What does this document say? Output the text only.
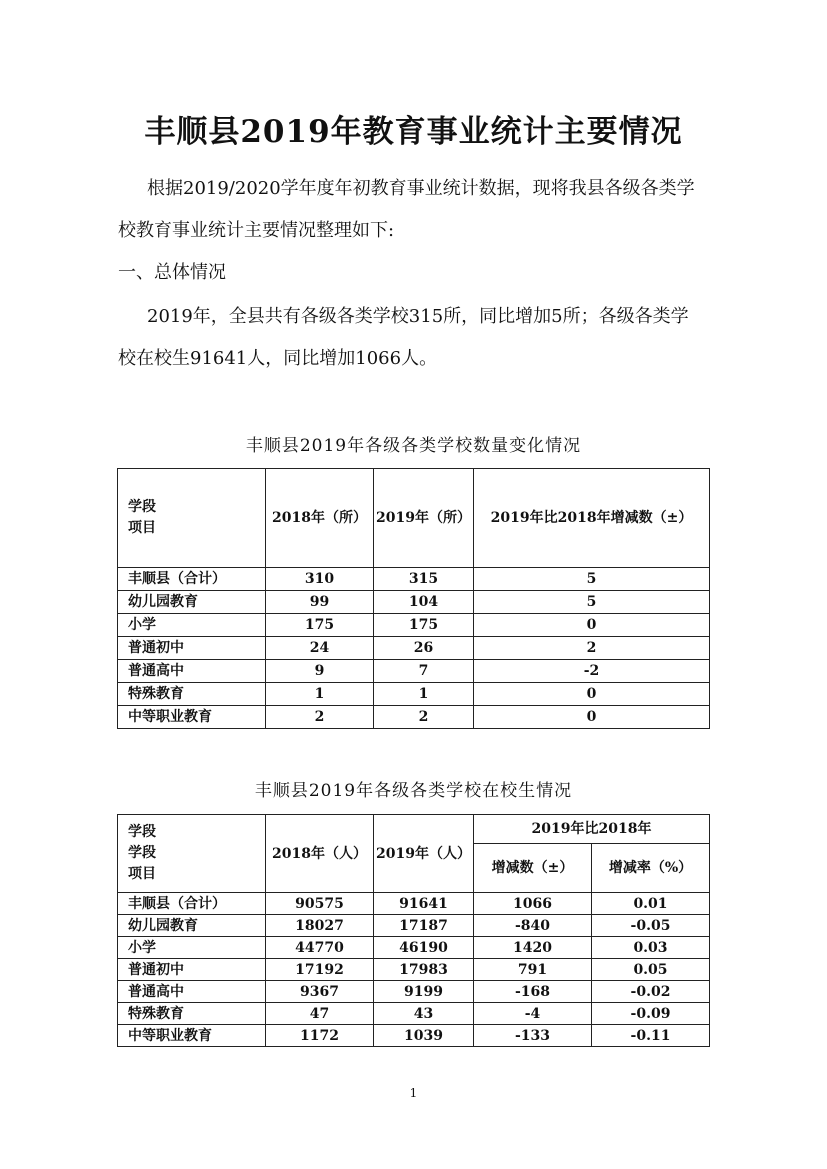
丰顺县2019年教育事业统计主要情况
根据2019/2020学年度年初教育事业统计数据，现将我县各级各类学
校教育事业统计主要情况整理如下:
一、总体情况
2019年，全县共有各级各类学校315所，同比增加5所；各级各类学
校在校生91641人，同比增加1066人。
丰顺县2019年各级各类学校数量变化情况
学段
项目	2018年（所）	2019年（所）	2019年比2018年增减数（±）
丰顺县（合计）	310	315	5
幼儿园教育	99	104	5
小学	175	175	0
普通初中	24	26	2
普通高中	9	7	-2
特殊教育	1	1	0
中等职业教育	2	2	0
丰顺县2019年各级各类学校在校生情况
学段
学段
项目	2018年（人）	2019年（人）	2019年比2018年	
			增减数（±）	增减率（%）
丰顺县（合计）	90575	91641	1066	0.01
幼儿园教育	18027	17187	-840	-0.05
小学	44770	46190	1420	0.03
普通初中	17192	17983	791	0.05
普通高中	9367	9199	-168	-0.02
特殊教育	47	43	-4	-0.09
中等职业教育	1172	1039	-133	-0.11
1
